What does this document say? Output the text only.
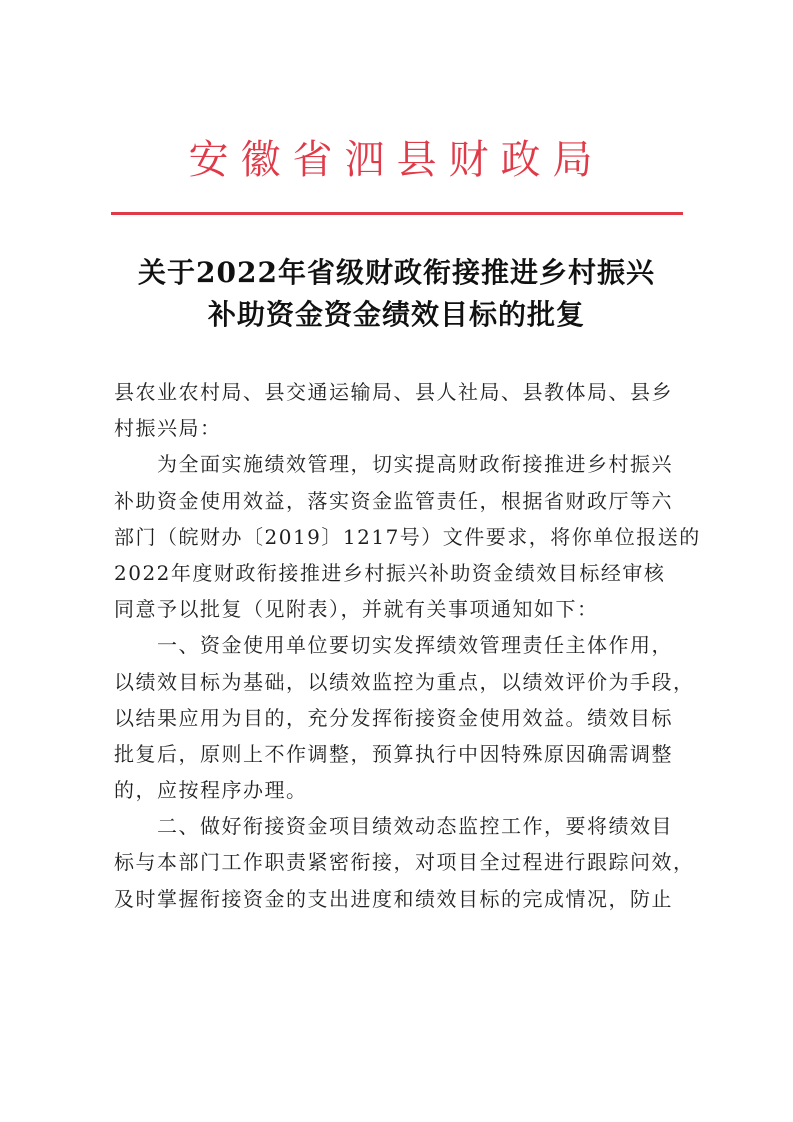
安徽省泗县财政局
关于2022年省级财政衔接推进乡村振兴
补助资金资金绩效目标的批复
县农业农村局、县交通运输局、县人社局、县教体局、县乡
村振兴局：
为全面实施绩效管理，切实提高财政衔接推进乡村振兴
补助资金使用效益，落实资金监管责任，根据省财政厅等六
部门（皖财办〔2019〕1217号）文件要求，将你单位报送的
2022年度财政衔接推进乡村振兴补助资金绩效目标经审核
同意予以批复（见附表），并就有关事项通知如下：
一、资金使用单位要切实发挥绩效管理责任主体作用，
以绩效目标为基础，以绩效监控为重点，以绩效评价为手段，
以结果应用为目的，充分发挥衔接资金使用效益。绩效目标
批复后，原则上不作调整，预算执行中因特殊原因确需调整
的，应按程序办理。
二、做好衔接资金项目绩效动态监控工作，要将绩效目
标与本部门工作职责紧密衔接，对项目全过程进行跟踪问效，
及时掌握衔接资金的支出进度和绩效目标的完成情况，防止
